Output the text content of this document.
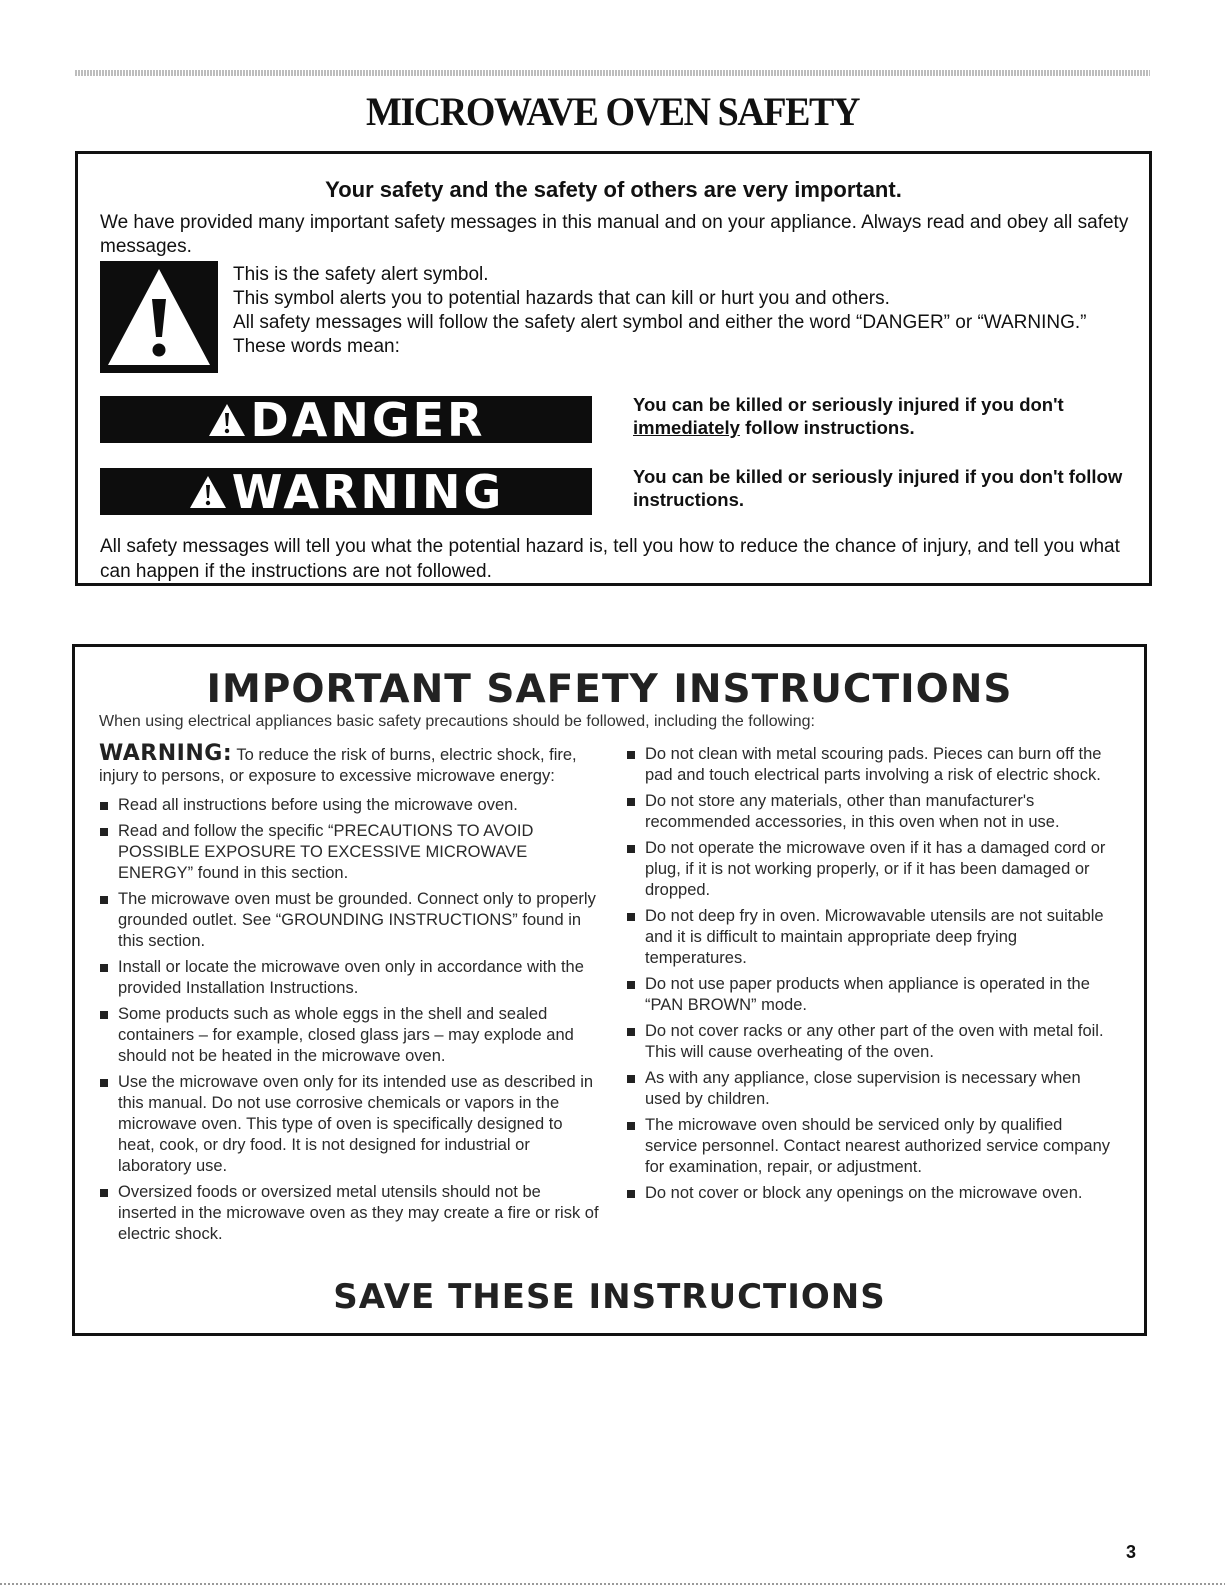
MICROWAVE OVEN SAFETY
Your safety and the safety of others are very important.

We have provided many important safety messages in this manual and on your appliance. Always read and obey all safety messages.

This is the safety alert symbol.

This symbol alerts you to potential hazards that can kill or hurt you and others.

All safety messages will follow the safety alert symbol and either the word “DANGER” or “WARNING.” These words mean:

DANGER	You can be killed or seriously injured if you don't immediately follow instructions.

WARNING	You can be killed or seriously injured if you don't follow instructions.

All safety messages will tell you what the potential hazard is, tell you how to reduce the chance of injury, and tell you what can happen if the instructions are not followed.

IMPORTANT SAFETY INSTRUCTIONS

When using electrical appliances basic safety precautions should be followed, including the following:

WARNING: To reduce the risk of burns, electric shock, fire, injury to persons, or exposure to excessive microwave energy:

Read all instructions before using the microwave oven.
Read and follow the specific “PRECAUTIONS TO AVOID POSSIBLE EXPOSURE TO EXCESSIVE MICROWAVE ENERGY” found in this section.
The microwave oven must be grounded. Connect only to properly grounded outlet. See “GROUNDING INSTRUCTIONS” found in this section.
Install or locate the microwave oven only in accordance with the provided Installation Instructions.
Some products such as whole eggs in the shell and sealed containers – for example, closed glass jars – may explode and should not be heated in the microwave oven.
Use the microwave oven only for its intended use as described in this manual. Do not use corrosive chemicals or vapors in the microwave oven. This type of oven is specifically designed to heat, cook, or dry food. It is not designed for industrial or laboratory use.
Oversized foods or oversized metal utensils should not be inserted in the microwave oven as they may create a fire or risk of electric shock.
Do not clean with metal scouring pads. Pieces can burn off the pad and touch electrical parts involving a risk of electric shock.
Do not store any materials, other than manufacturer's recommended accessories, in this oven when not in use.
Do not operate the microwave oven if it has a damaged cord or plug, if it is not working properly, or if it has been damaged or dropped.
Do not deep fry in oven. Microwavable utensils are not suitable and it is difficult to maintain appropriate deep frying temperatures.
Do not use paper products when appliance is operated in the “PAN BROWN” mode.
Do not cover racks or any other part of the oven with metal foil. This will cause overheating of the oven.
As with any appliance, close supervision is necessary when used by children.
The microwave oven should be serviced only by qualified service personnel. Contact nearest authorized service company for examination, repair, or adjustment.
Do not cover or block any openings on the microwave oven.
SAVE THESE INSTRUCTIONS
3
